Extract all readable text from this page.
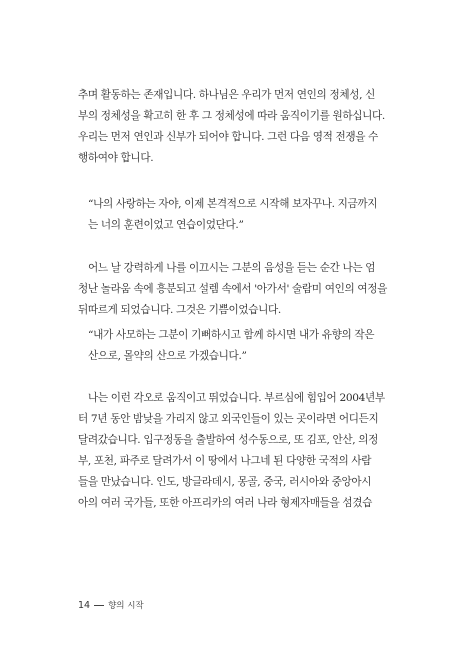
추며 활동하는 존재입니다. 하나님은 우리가 먼저 연인의 정체성, 신
부의 정체성을 확고히 한 후 그 정체성에 따라 움직이기를 원하십니다.
우리는 먼저 연인과 신부가 되어야 합니다. 그런 다음 영적 전쟁을 수
행하여야 합니다.
“나의 사랑하는 자야, 이제 본격적으로 시작해 보자꾸나. 지금까지
는 너의 훈련이었고 연습이었단다.”
어느 날 강력하게 나를 이끄시는 그분의 음성을 듣는 순간 나는 엄
청난 놀라움 속에 흥분되고 설렘 속에서 '아가서' 술람미 여인의 여정을
뒤따르게 되었습니다. 그것은 기쁨이었습니다.
“내가 사모하는 그분이 기뻐하시고 함께 하시면 내가 유향의 작은
산으로, 몰약의 산으로 가겠습니다.”
나는 이런 각오로 움직이고 뛰었습니다. 부르심에 힘입어 2004년부
터 7년 동안 밤낮을 가리지 않고 외국인들이 있는 곳이라면 어디든지
달려갔습니다. 입구정동을 출발하여 성수동으로, 또 김포, 안산, 의정
부, 포천, 파주로 달려가서 이 땅에서 나그네 된 다양한 국적의 사람
들을 만났습니다. 인도, 방글라데시, 몽골, 중국, 러시아와 중앙아시
아의 여러 국가들, 또한 아프리카의 여러 나라 형제자매들을 섬겼습
14 향의 시작
